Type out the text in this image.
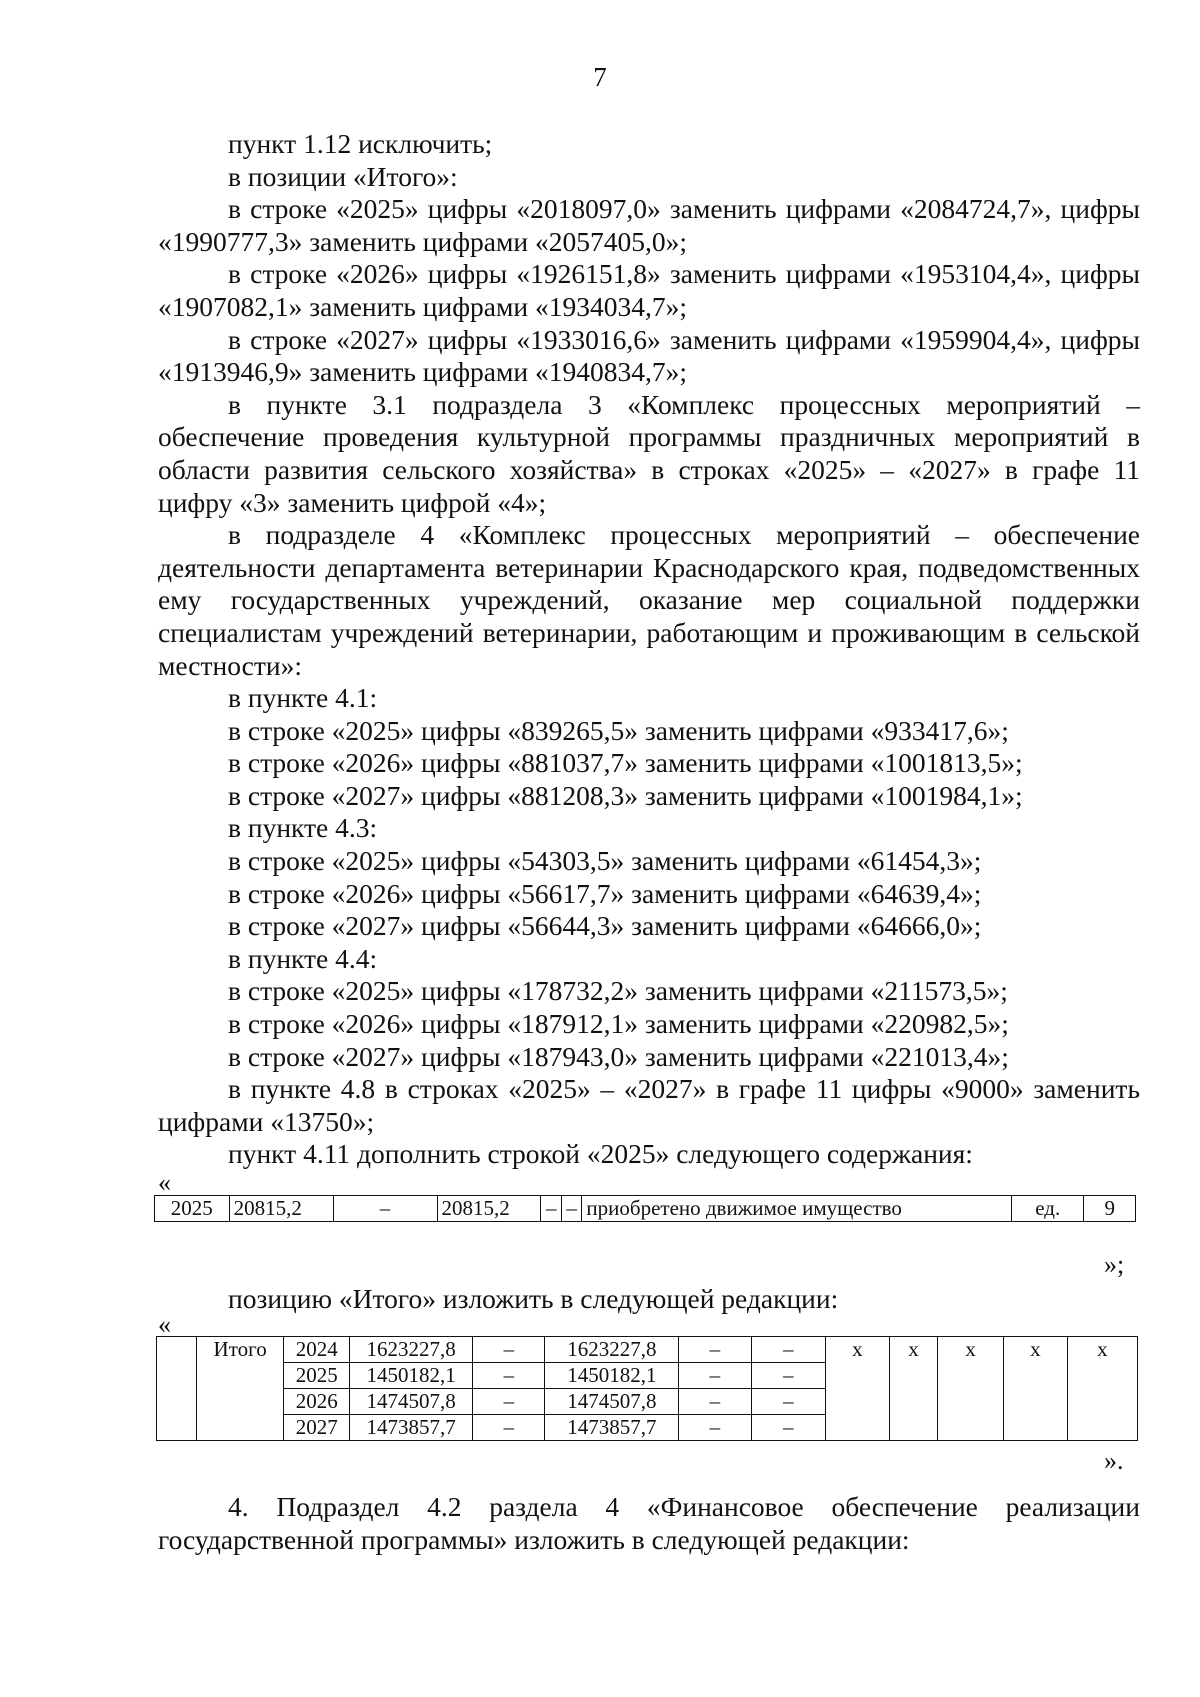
7

пункт 1.12 исключить;

в позиции «Итого»:

в строке «2025» цифры «2018097,0» заменить цифрами «2084724,7», цифры «1990777,3» заменить цифрами «2057405,0»;

в строке «2026» цифры «1926151,8» заменить цифрами «1953104,4», цифры «1907082,1» заменить цифрами «1934034,7»;

в строке «2027» цифры «1933016,6» заменить цифрами «1959904,4», цифры «1913946,9» заменить цифрами «1940834,7»;

в пункте 3.1 подраздела 3 «Комплекс процессных мероприятий – обеспечение проведения культурной программы праздничных мероприятий в области развития сельского хозяйства» в строках «2025» – «2027» в графе 11 цифру «3» заменить цифрой «4»;

в подразделе 4 «Комплекс процессных мероприятий – обеспечение деятельности департамента ветеринарии Краснодарского края, подведомственных ему государственных учреждений, оказание мер социальной поддержки специалистам учреждений ветеринарии, работающим и проживающим в сельской местности»:

в пункте 4.1:

в строке «2025» цифры «839265,5» заменить цифрами «933417,6»;

в строке «2026» цифры «881037,7» заменить цифрами «1001813,5»;

в строке «2027» цифры «881208,3» заменить цифрами «1001984,1»;

в пункте 4.3:

в строке «2025» цифры «54303,5» заменить цифрами «61454,3»;

в строке «2026» цифры «56617,7» заменить цифрами «64639,4»;

в строке «2027» цифры «56644,3» заменить цифрами «64666,0»;

в пункте 4.4:

в строке «2025» цифры «178732,2» заменить цифрами «211573,5»;

в строке «2026» цифры «187912,1» заменить цифрами «220982,5»;

в строке «2027» цифры «187943,0» заменить цифрами «221013,4»;

в пункте 4.8 в строках «2025» – «2027» в графе 11 цифры «9000» заменить цифрами «13750»;

пункт 4.11 дополнить строкой «2025» следующего содержания:

«
2025	20815,2	–	20815,2	–	–	приобретено движимое имущество	ед.	9
»;
позицию «Итого» изложить в следующей редакции:
«
	Итого	2024	1623227,8	–	1623227,8	–	–	x	x	x	x	x
		2025	1450182,1	–	1450182,1	–	–					
		2026	1474507,8	–	1474507,8	–	–					
		2027	1473857,7	–	1473857,7	–	–					
».

4. Подраздел 4.2 раздела 4 «Финансовое обеспечение реализации государственной программы» изложить в следующей редакции:
